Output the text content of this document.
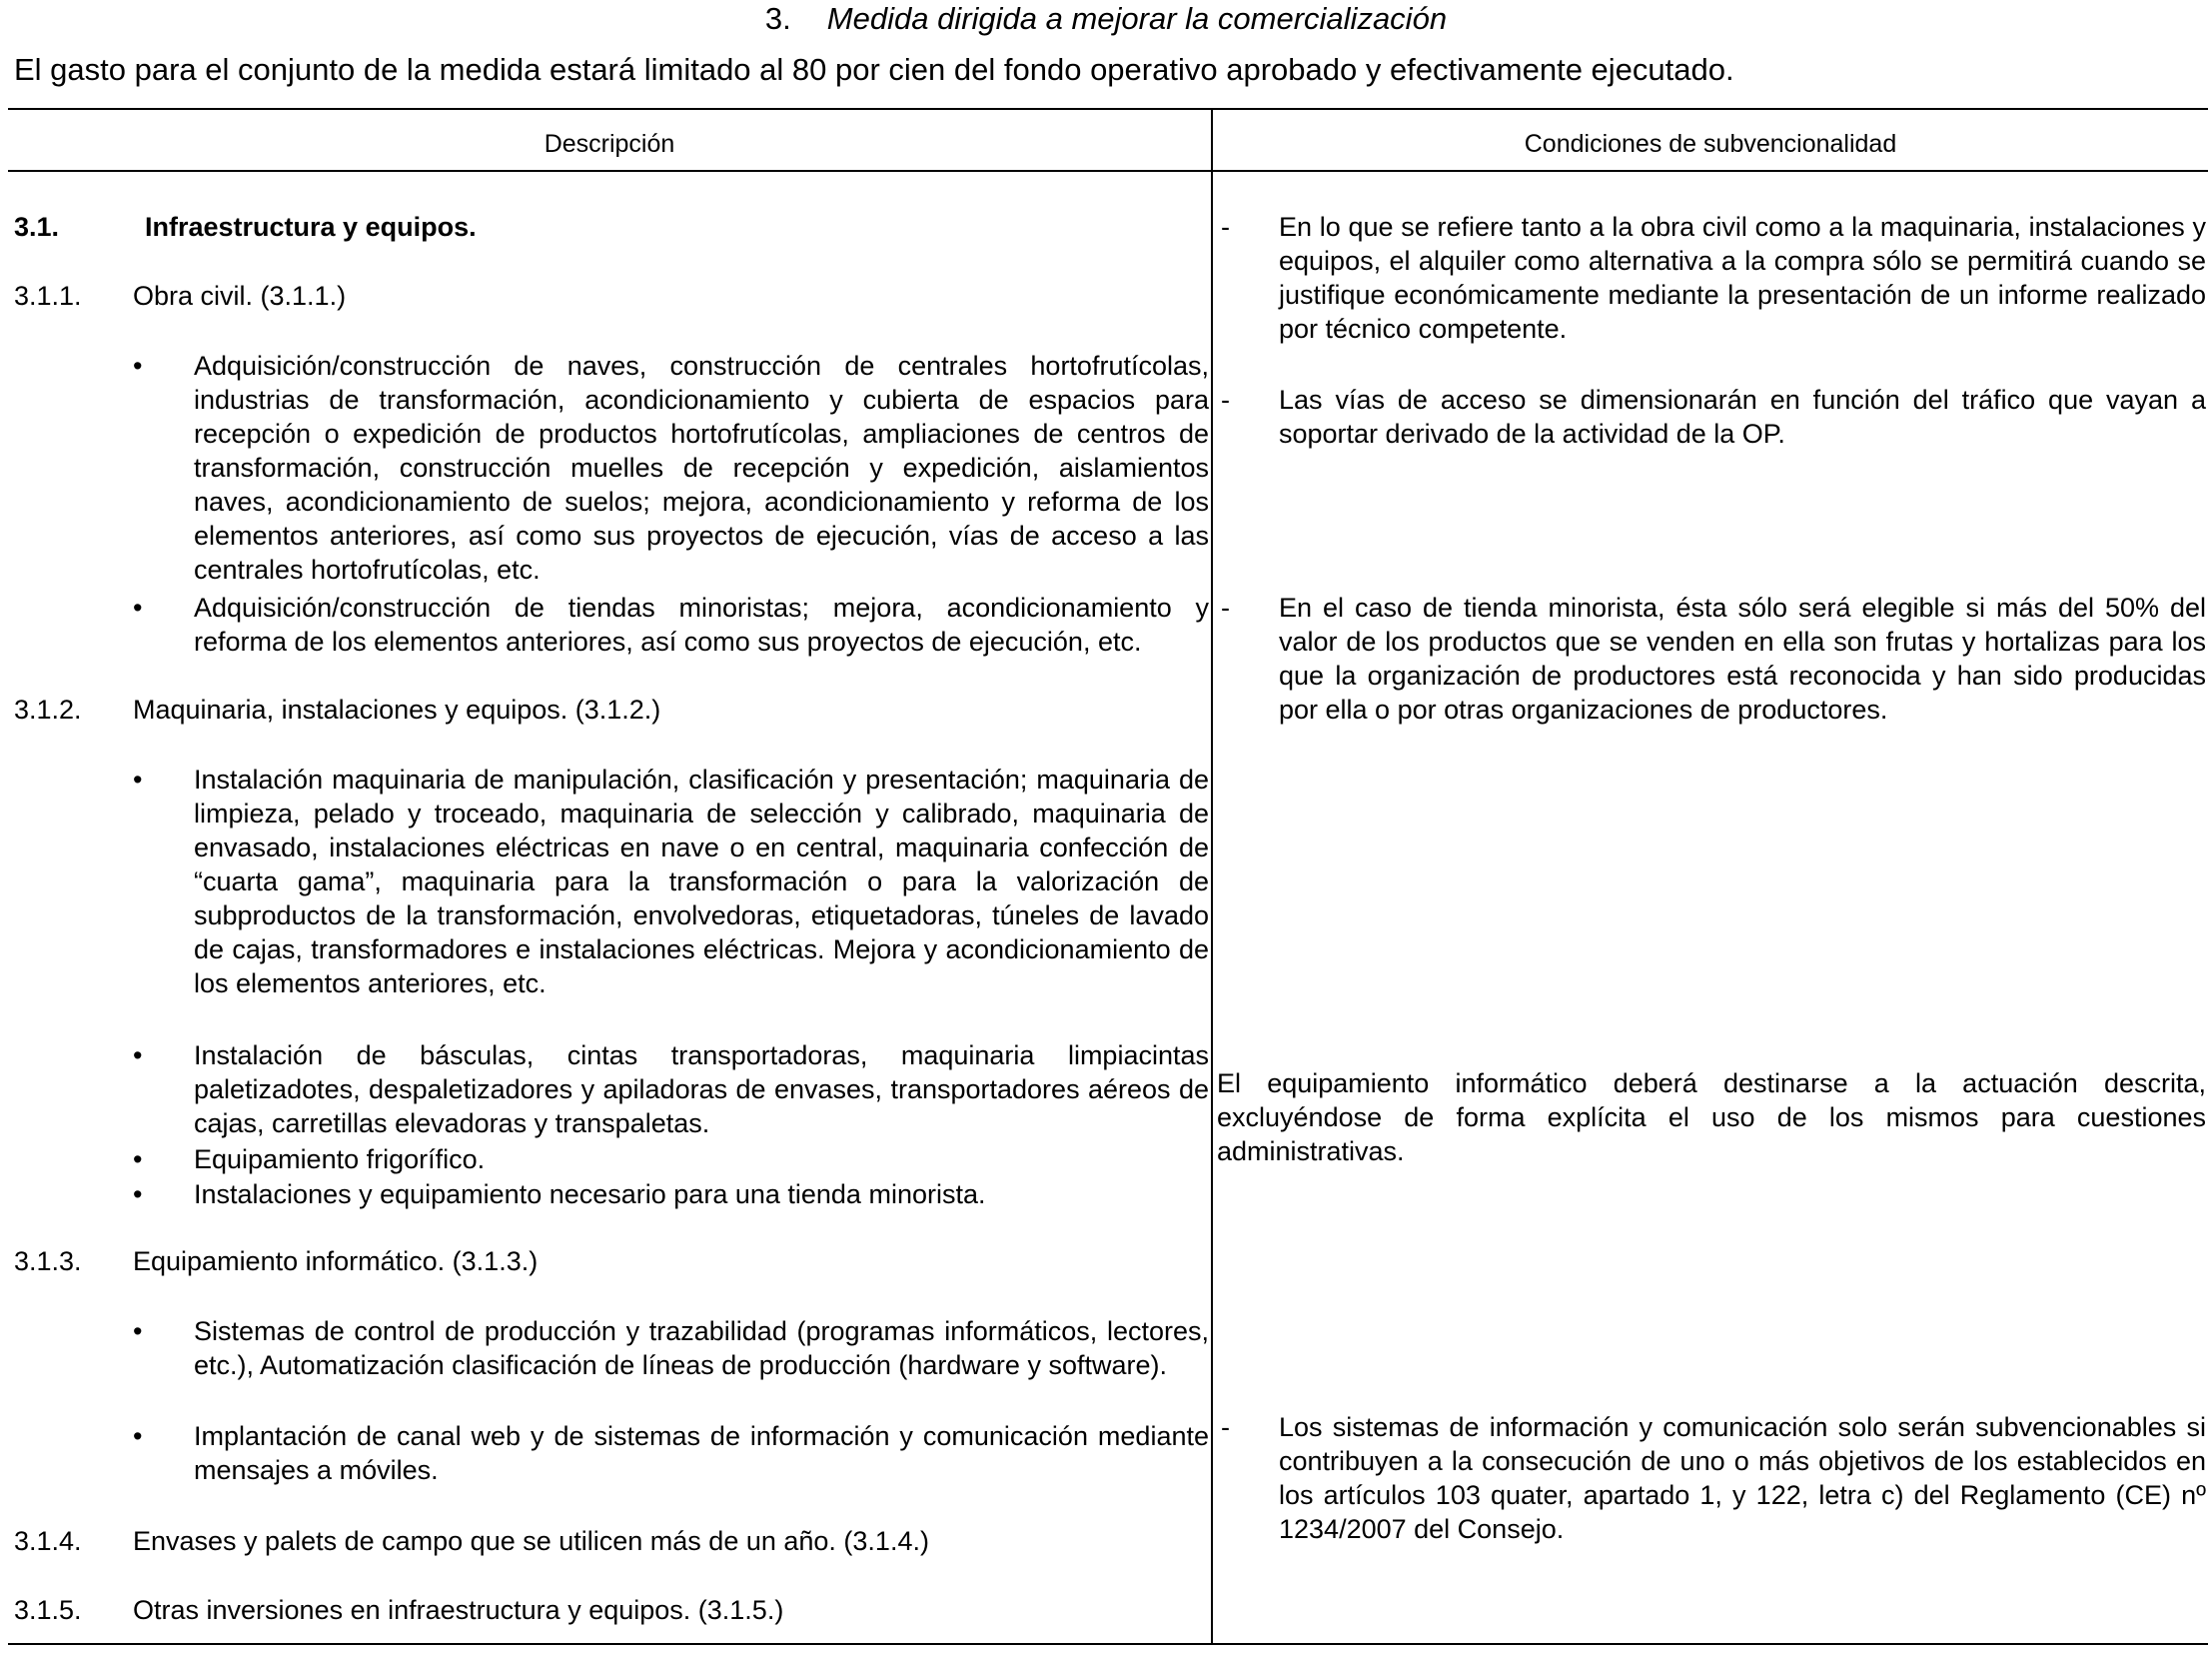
3. Medida dirigida a mejorar la comercialización
El gasto para el conjunto de la medida estará limitado al 80 por cien del fondo operativo aprobado y efectivamente ejecutado.
Descripción	Condiciones de subvencionalidad
3.1.	Infraestructura y equipos.
3.1.1. Obra civil. (3.1.1.)
• Adquisición/construcción de naves, construcción de centrales hortofrutícolas, industrias de transformación, acondicionamiento y cubierta de espacios para recepción o expedición de productos hortofrutícolas, ampliaciones de centros de transformación, construcción muelles de recepción y expedición, aislamientos naves, acondicionamiento de suelos; mejora, acondicionamiento y reforma de los elementos anteriores, así como sus proyectos de ejecución, vías de acceso a las centrales hortofrutícolas, etc.
• Adquisición/construcción de tiendas minoristas; mejora, acondicionamiento y reforma de los elementos anteriores, así como sus proyectos de ejecución, etc.
3.1.2. Maquinaria, instalaciones y equipos. (3.1.2.)
• Instalación maquinaria de manipulación, clasificación y presentación; maquinaria de limpieza, pelado y troceado, maquinaria de selección y calibrado, maquinaria de envasado, instalaciones eléctricas en nave o en central, maquinaria confección de “cuarta gama”, maquinaria para la transformación o para la valorización de subproductos de la transformación, envolvedoras, etiquetadoras, túneles de lavado de cajas, transformadores e instalaciones eléctricas. Mejora y acondicionamiento de los elementos anteriores, etc.
• Instalación de básculas, cintas transportadoras, maquinaria limpiacintas paletizadotes, despaletizadores y apiladoras de envases, transportadores aéreos de cajas, carretillas elevadoras y transpaletas.
• Equipamiento frigorífico.
• Instalaciones y equipamiento necesario para una tienda minorista.
3.1.3. Equipamiento informático. (3.1.3.)
• Sistemas de control de producción y trazabilidad (programas informáticos, lectores, etc.), Automatización clasificación de líneas de producción (hardware y software).
• Implantación de canal web y de sistemas de información y comunicación mediante mensajes a móviles.
3.1.4. Envases y palets de campo que se utilicen más de un año. (3.1.4.)
3.1.5. Otras inversiones en infraestructura y equipos. (3.1.5.)
- En lo que se refiere tanto a la obra civil como a la maquinaria, instalaciones y equipos, el alquiler como alternativa a la compra sólo se permitirá cuando se justifique económicamente mediante la presentación de un informe realizado por técnico competente.
- Las vías de acceso se dimensionarán en función del tráfico que vayan a soportar derivado de la actividad de la OP.
- En el caso de tienda minorista, ésta sólo será elegible si más del 50% del valor de los productos que se venden en ella son frutas y hortalizas para los que la organización de productores está reconocida y han sido producidas por ella o por otras organizaciones de productores.
El equipamiento informático deberá destinarse a la actuación descrita, excluyéndose de forma explícita el uso de los mismos para cuestiones administrativas.
- Los sistemas de información y comunicación solo serán subvencionables si contribuyen a la consecución de uno o más objetivos de los establecidos en los artículos 103 quater, apartado 1, y 122, letra c) del Reglamento (CE) nº 1234/2007 del Consejo.
